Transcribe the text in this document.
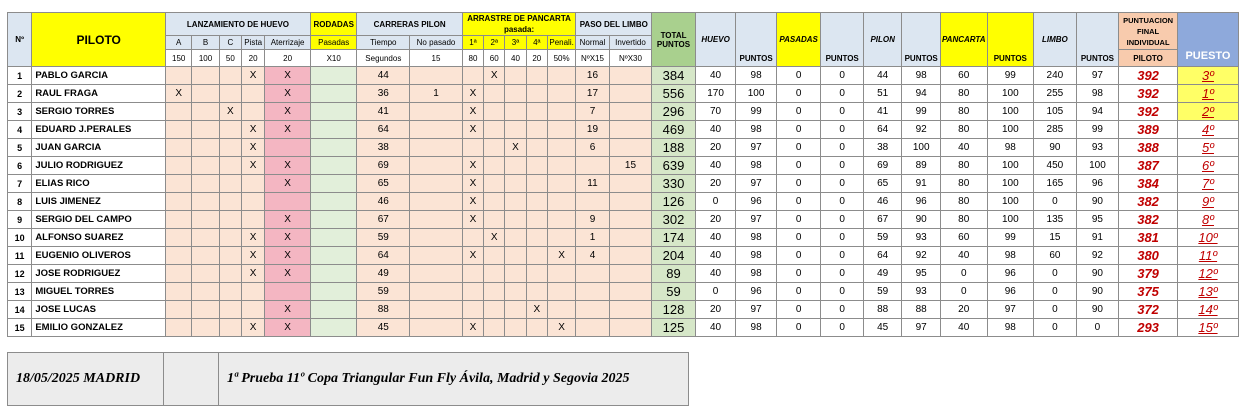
Nº	PILOTO	LANZAMIENTO DE HUEVO					RODADAS	CARRERAS PILON		ARRASTRE DE PANCARTA
pasada:					PASO DEL LIMBO		TOTAL PUNTOS	HUEVO	PUNTOS	PASADAS	PUNTOS	PILON	PUNTOS	PANCARTA	PUNTOS	LIMBO	PUNTOS	PUNTUACION FINAL INDIVIDUAL	PUESTO
		A	B	C	Pista	Aterrizaje	Pasadas	Tiempo	No pasado	1ª	2ª	3ª	4ª	Penali.	Normal	Invertido													
		150	100	50	20	20	X10	Segundos	15	80	60	40	20	50%	NºX15	NºX30												PILOTO	
1	PABLO GARCIA				X	X		44			X				16		384	40	98	0	0	44	98	60	99	240	97	392	3º
2	RAUL FRAGA	X				X		36	1	X					17		556	170	100	0	0	51	94	80	100	255	98	392	1º
3	SERGIO TORRES			X		X		41		X					7		296	70	99	0	0	41	99	80	100	105	94	392	2º
4	EDUARD J.PERALES				X	X		64		X					19		469	40	98	0	0	64	92	80	100	285	99	389	4º
5	JUAN GARCIA				X			38				X			6		188	20	97	0	0	38	100	40	98	90	93	388	5º
6	JULIO RODRIGUEZ				X	X		69		X						15	639	40	98	0	0	69	89	80	100	450	100	387	6º
7	ELIAS RICO					X		65		X					11		330	20	97	0	0	65	91	80	100	165	96	384	7º
8	LUIS JIMENEZ							46		X							126	0	96	0	0	46	96	80	100	0	90	382	9º
9	SERGIO DEL CAMPO					X		67		X					9		302	20	97	0	0	67	90	80	100	135	95	382	8º
10	ALFONSO SUAREZ				X	X		59			X				1		174	40	98	0	0	59	93	60	99	15	91	381	10º
11	EUGENIO OLIVEROS				X	X		64		X				X	4		204	40	98	0	0	64	92	40	98	60	92	380	11º
12	JOSE RODRIGUEZ				X	X		49									89	40	98	0	0	49	95	0	96	0	90	379	12º
13	MIGUEL TORRES							59									59	0	96	0	0	59	93	0	96	0	90	375	13º
14	JOSE LUCAS					X		88					X				128	20	97	0	0	88	88	20	97	0	90	372	14º
15	EMILIO GONZALEZ				X	X		45		X				X			125	40	98	0	0	45	97	40	98	0	0	293	15º
18/05/2025 MADRID		1ª Prueba 11º Copa Triangular Fun Fly Ávila, Madrid y Segovia 2025
